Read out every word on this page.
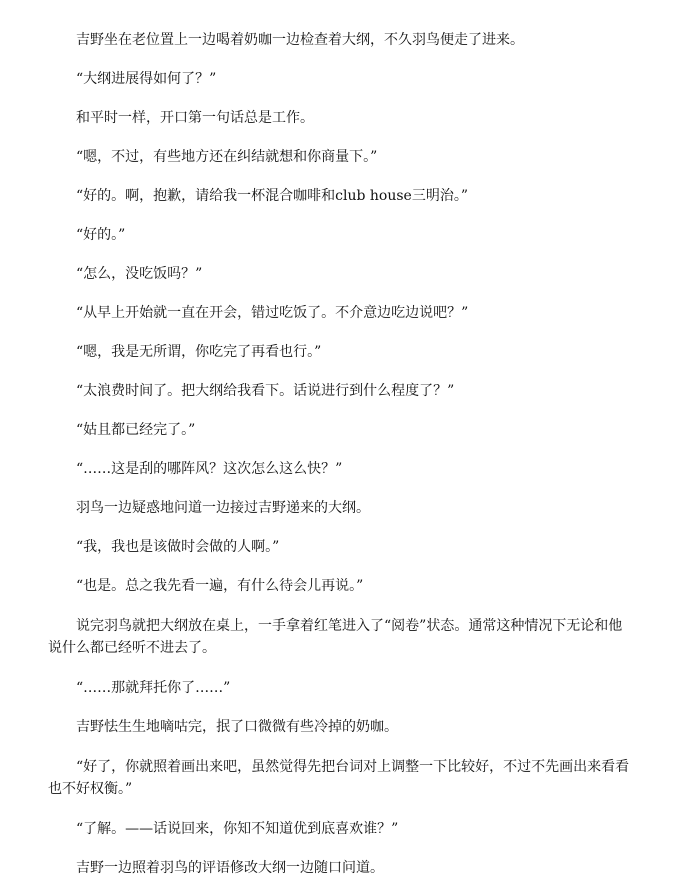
吉野坐在老位置上一边喝着奶咖一边检查着大纲，不久羽鸟便走了进来。

“大纲进展得如何了？”

和平时一样，开口第一句话总是工作。

“嗯，不过，有些地方还在纠结就想和你商量下。”

“好的。啊，抱歉，请给我一杯混合咖啡和club house三明治。”

“好的。”

“怎么，没吃饭吗？”

“从早上开始就一直在开会，错过吃饭了。不介意边吃边说吧？”

“嗯，我是无所谓，你吃完了再看也行。”

“太浪费时间了。把大纲给我看下。话说进行到什么程度了？”

“姑且都已经完了。”

“……这是刮的哪阵风？这次怎么这么快？”

羽鸟一边疑惑地问道一边接过吉野递来的大纲。

“我，我也是该做时会做的人啊。”

“也是。总之我先看一遍，有什么待会儿再说。”

说完羽鸟就把大纲放在桌上，一手拿着红笔进入了“阅卷”状态。通常这种情况下无论和他说什么都已经听不进去了。

“……那就拜托你了……”

吉野怯生生地嘀咕完，抿了口微微有些冷掉的奶咖。

“好了，你就照着画出来吧，虽然觉得先把台词对上调整一下比较好，不过不先画出来看看也不好权衡。”

“了解。——话说回来，你知不知道优到底喜欢谁？”

吉野一边照着羽鸟的评语修改大纲一边随口问道。
